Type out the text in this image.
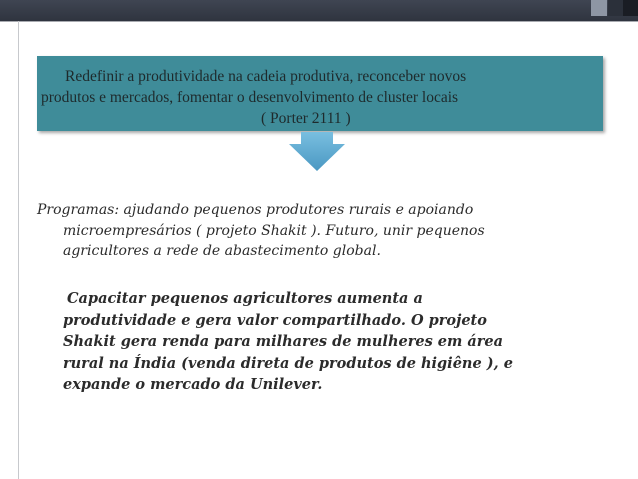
Redefinir a produtividade na cadeia produtiva, reconceber novos
produtos e mercados, fomentar o desenvolvimento de cluster locais
( Porter 2111 )
Programas: ajudando pequenos produtores rurais e apoiando
microempresários ( projeto Shakit ). Futuro, unir pequenos
agricultores a rede de abastecimento global.
Capacitar pequenos agricultores aumenta a
produtividade e gera valor compartilhado. O projeto
Shakit gera renda para milhares de mulheres em área
rural na Índia (venda direta de produtos de higiêne ), e
expande o mercado da Unilever.
